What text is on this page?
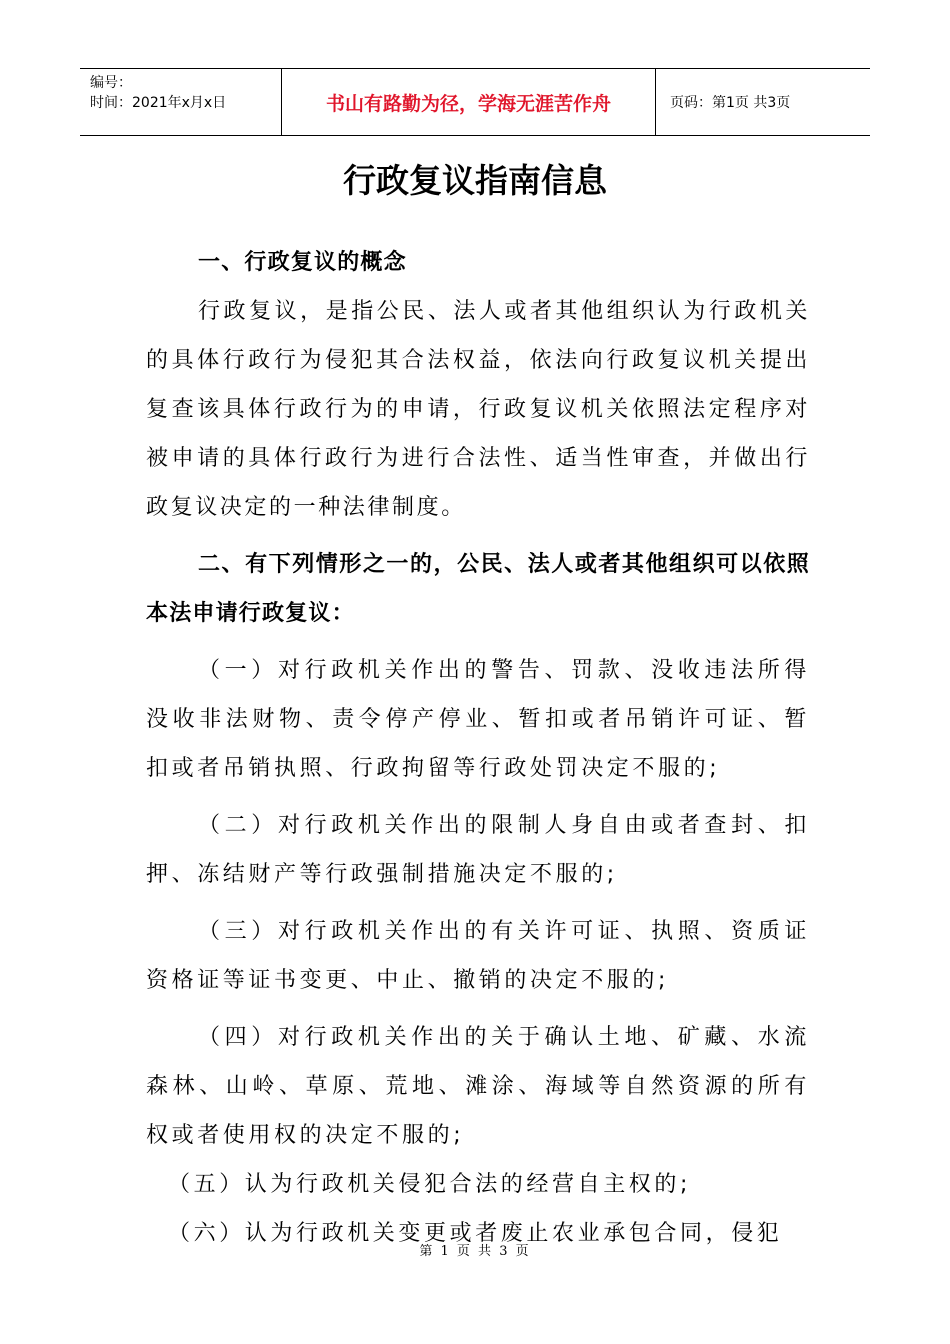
编号：
时间：2021年x月x日	书山有路勤为径，学海无涯苦作舟	页码：第1页 共3页
行政复议指南信息

一、行政复议的概念

行政复议，是指公民、法人或者其他组织认为行政机关的具体行政行为侵犯其合法权益，依法向行政复议机关提出复查该具体行政行为的申请，行政复议机关依照法定程序对被申请的具体行政行为进行合法性、适当性审查，并做出行政复议决定的一种法律制度。

二、有下列情形之一的，公民、法人或者其他组织可以依照本法申请行政复议：

（一）对行政机关作出的警告、罚款、没收违法所得没收非法财物、责令停产停业、暂扣或者吊销许可证、暂扣或者吊销执照、行政拘留等行政处罚决定不服的;

（二）对行政机关作出的限制人身自由或者查封、扣押、冻结财产等行政强制措施决定不服的;

（三）对行政机关作出的有关许可证、执照、资质证资格证等证书变更、中止、撤销的决定不服的;

（四）对行政机关作出的关于确认土地、矿藏、水流森林、山岭、草原、荒地、滩涂、海域等自然资源的所有权或者使用权的决定不服的;

（五）认为行政机关侵犯合法的经营自主权的;

（六）认为行政机关变更或者废止农业承包合同，侵犯

第 1 页 共 3 页
